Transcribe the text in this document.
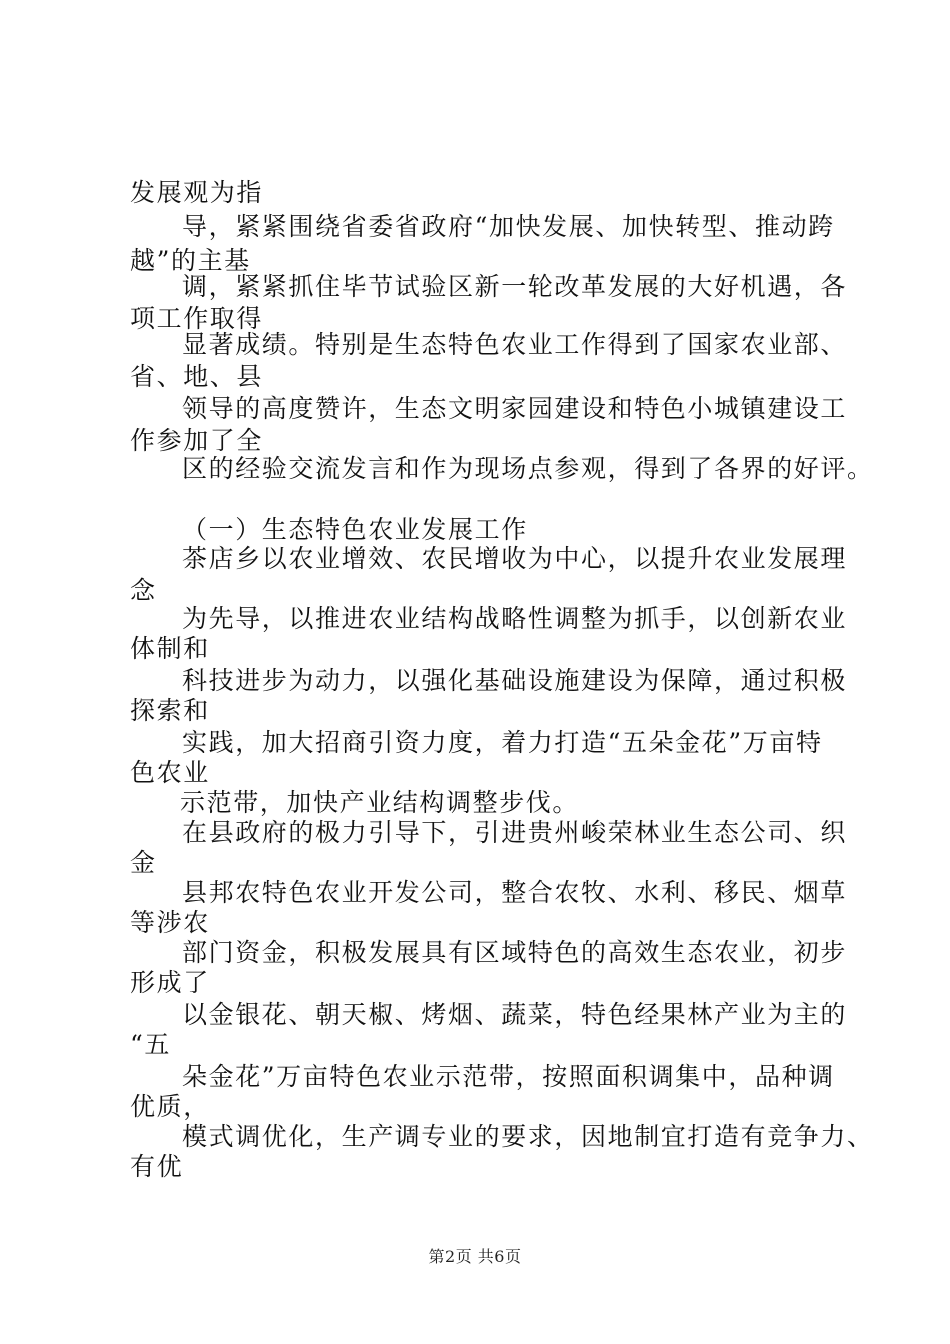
发展观为指
导，紧紧围绕省委省政府“加快发展、加快转型、推动跨
越”的主基
调，紧紧抓住毕节试验区新一轮改革发展的大好机遇，各
项工作取得
显著成绩。特别是生态特色农业工作得到了国家农业部、
省、地、县
领导的高度赞许，生态文明家园建设和特色小城镇建设工
作参加了全
区的经验交流发言和作为现场点参观，得到了各界的好评。
（一）生态特色农业发展工作
茶店乡以农业增效、农民增收为中心，以提升农业发展理
念
为先导，以推进农业结构战略性调整为抓手，以创新农业
体制和
科技进步为动力，以强化基础设施建设为保障，通过积极
探索和
实践，加大招商引资力度，着力打造“五朵金花”万亩特
色农业
示范带，加快产业结构调整步伐。
在县政府的极力引导下，引进贵州峻荣林业生态公司、织
金
县邦农特色农业开发公司，整合农牧、水利、移民、烟草
等涉农
部门资金，积极发展具有区域特色的高效生态农业，初步
形成了
以金银花、朝天椒、烤烟、蔬菜，特色经果林产业为主的
“五
朵金花”万亩特色农业示范带，按照面积调集中，品种调
优质，
模式调优化，生产调专业的要求，因地制宜打造有竞争力、
有优
第2页 共6页
